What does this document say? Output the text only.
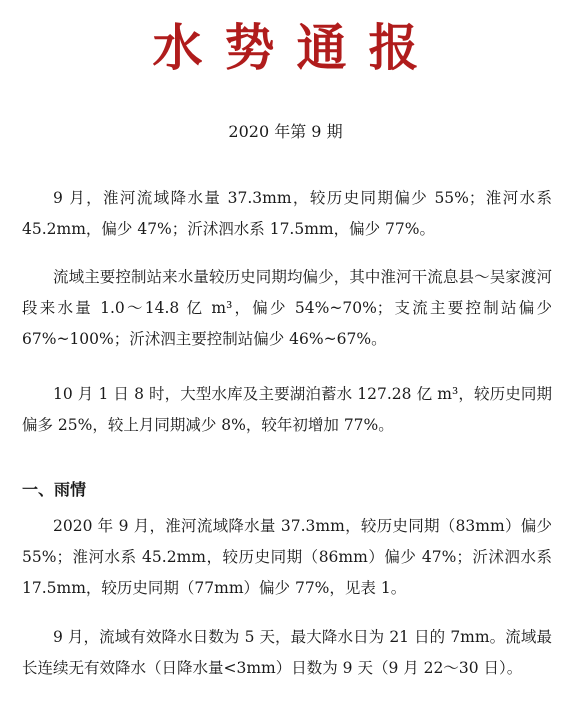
水势通报
2020 年第 9 期

9 月，淮河流域降水量 37.3mm，较历史同期偏少 55%；淮河水系 45.2mm，偏少 47%；沂沭泗水系 17.5mm，偏少 77%。

流域主要控制站来水量较历史同期均偏少，其中淮河干流息县～吴家渡河段来水量 1.0～14.8 亿 m³，偏少 54%~70%；支流主要控制站偏少 67%~100%；沂沭泗主要控制站偏少 46%~67%。

10 月 1 日 8 时，大型水库及主要湖泊蓄水 127.28 亿 m³，较历史同期偏多 25%，较上月同期减少 8%，较年初增加 77%。

一、雨情

2020 年 9 月，淮河流域降水量 37.3mm，较历史同期（83mm）偏少 55%；淮河水系 45.2mm，较历史同期（86mm）偏少 47%；沂沭泗水系 17.5mm，较历史同期（77mm）偏少 77%，见表 1。

9 月，流域有效降水日数为 5 天，最大降水日为 21 日的 7mm。流域最长连续无有效降水（日降水量<3mm）日数为 9 天（9 月 22～30 日）。
